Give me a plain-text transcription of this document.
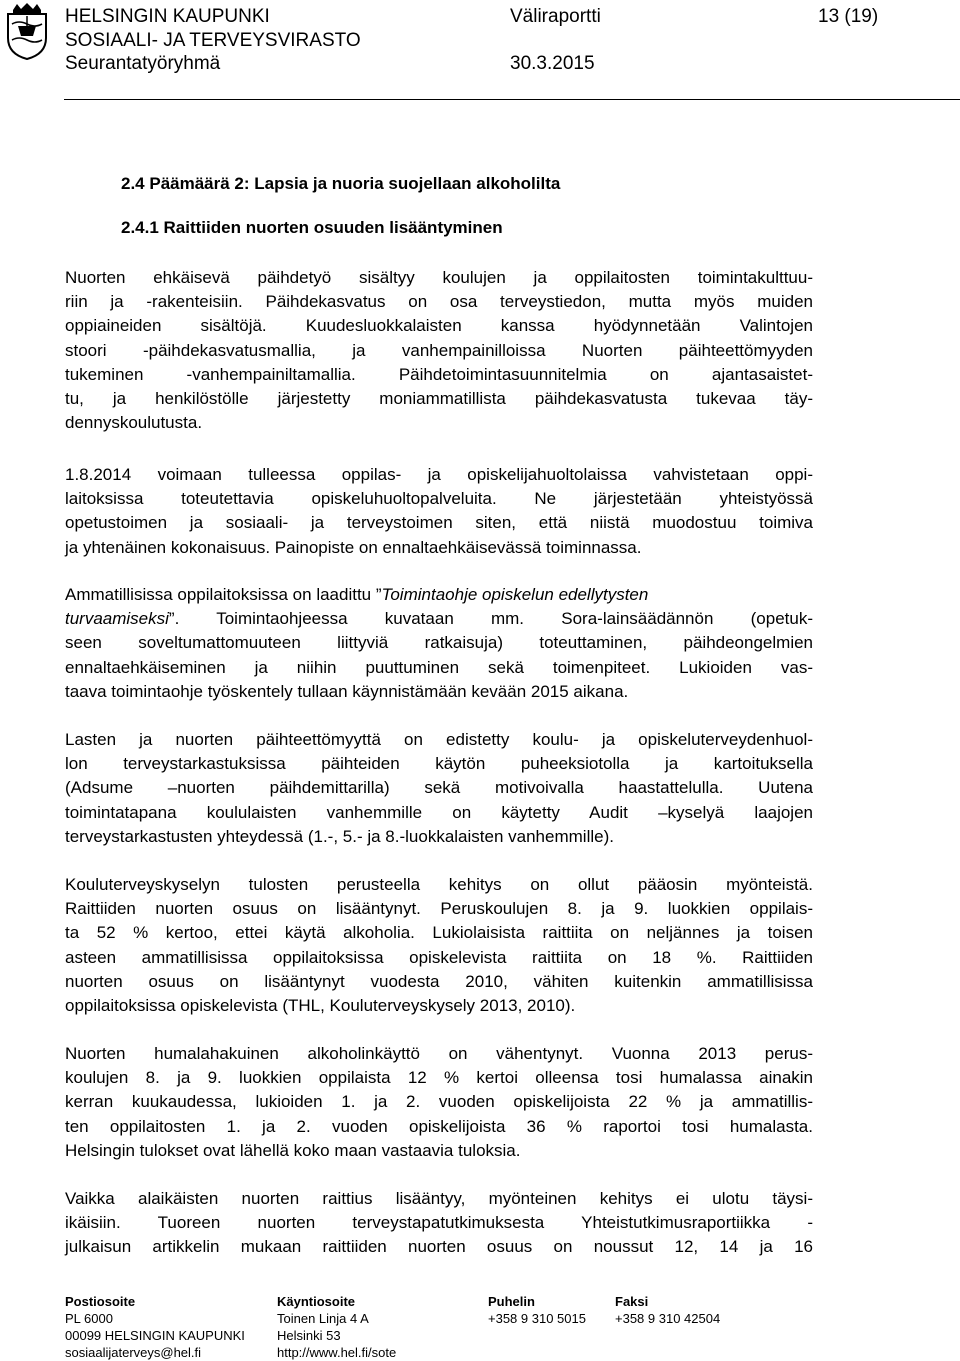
HELSINGIN KAUPUNKI
SOSIAALI- JA TERVEYSVIRASTO
Seurantatyöryhmä
Väliraportti
30.3.2015
13 (19)
2.4 Päämäärä 2: Lapsia ja nuoria suojellaan alkoholilta
2.4.1 Raittiiden nuorten osuuden lisääntyminen
Nuorten ehkäisevä päihdetyö sisältyy koulujen ja oppilaitosten toimintakulttuu-
riin ja -rakenteisiin. Päihdekasvatus on osa terveystiedon, mutta myös muiden
oppiaineiden sisältöjä. Kuudesluokkalaisten kanssa hyödynnetään Valintojen
stoori -päihdekasvatusmallia, ja vanhempainilloissa Nuorten päihteettömyyden
tukeminen -vanhempainiltamallia. Päihdetoimintasuunnitelmia on ajantasaistet-
tu, ja henkilöstölle järjestetty moniammatillista päihdekasvatusta tukevaa täy-
dennyskoulutusta.
1.8.2014 voimaan tulleessa oppilas- ja opiskelijahuoltolaissa vahvistetaan oppi-
laitoksissa toteutettavia opiskeluhuoltopalveluita. Ne järjestetään yhteistyössä
opetustoimen ja sosiaali- ja terveystoimen siten, että niistä muodostuu toimiva
ja yhtenäinen kokonaisuus. Painopiste on ennaltaehkäisevässä toiminnassa.
Ammatillisissa oppilaitoksissa on laadittu ”Toimintaohje opiskelun edellytysten
turvaamiseksi”. Toimintaohjeessa kuvataan mm. Sora-lainsäädännön (opetuk-
seen soveltumattomuuteen liittyviä ratkaisuja) toteuttaminen, päihdeongelmien
ennaltaehkäiseminen ja niihin puuttuminen sekä toimenpiteet. Lukioiden vas-
taava toimintaohje työskentely tullaan käynnistämään kevään 2015 aikana.
Lasten ja nuorten päihteettömyyttä on edistetty koulu- ja opiskeluterveydenhuol-
lon terveystarkastuksissa päihteiden käytön puheeksiotolla ja kartoituksella
(Adsume –nuorten päihdemittarilla) sekä motivoivalla haastattelulla. Uutena
toimintatapana koululaisten vanhemmille on käytetty Audit –kyselyä laajojen
terveystarkastusten yhteydessä (1.-, 5.- ja 8.-luokkalaisten vanhemmille).
Kouluterveyskyselyn tulosten perusteella kehitys on ollut pääosin myönteistä.
Raittiiden nuorten osuus on lisääntynyt. Peruskoulujen 8. ja 9. luokkien oppilais-
ta 52 % kertoo, ettei käytä alkoholia. Lukiolaisista raittiita on neljännes ja toisen
asteen ammatillisissa oppilaitoksissa opiskelevista raittiita on 18 %. Raittiiden
nuorten osuus on lisääntynyt vuodesta 2010, vähiten kuitenkin ammatillisissa
oppilaitoksissa opiskelevista (THL, Kouluterveyskysely 2013, 2010).
Nuorten humalahakuinen alkoholinkäyttö on vähentynyt. Vuonna 2013 perus-
koulujen 8. ja 9. luokkien oppilaista 12 % kertoi olleensa tosi humalassa ainakin
kerran kuukaudessa, lukioiden 1. ja 2. vuoden opiskelijoista 22 % ja ammatillis-
ten oppilaitosten 1. ja 2. vuoden opiskelijoista 36 % raportoi tosi humalasta.
Helsingin tulokset ovat lähellä koko maan vastaavia tuloksia.
Vaikka alaikäisten nuorten raittius lisääntyy, myönteinen kehitys ei ulotu täysi-
ikäisiin. Tuoreen nuorten terveystapatutkimuksesta Yhteistutkimusraportiikka -
julkaisun artikkelin mukaan raittiiden nuorten osuus on noussut 12, 14 ja 16
Postiosoite
PL 6000
00099 HELSINGIN KAUPUNKI
sosiaalijaterveys@hel.fi
Käyntiosoite
Toinen Linja 4 A
Helsinki 53
http://www.hel.fi/sote
Puhelin
+358 9 310 5015
Faksi
+358 9 310 42504
